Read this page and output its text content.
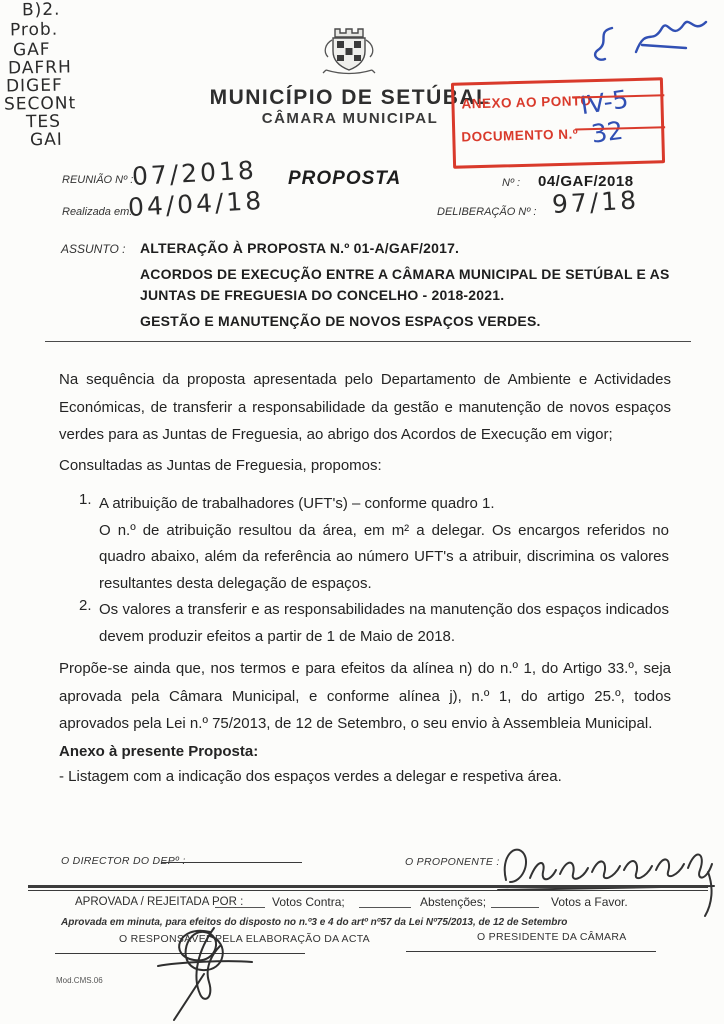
B)2.
Prob.
GAF
DAFRH
DIGEF
SECONt
TES
GAI
MUNICÍPIO DE SETÚBAL
CÂMARA MUNICIPAL
ANEXO AO PONTO
IV-5
DOCUMENTO N.º 32
REUNIÃO Nº :
07/2018
Realizada em:
04/04/18
PROPOSTA	Nº : 04/GAF/2018
DELIBERAÇÃO Nº : 97/18
ASSUNTO : ALTERAÇÃO À PROPOSTA N.º 01-A/GAF/2017.
ACORDOS DE EXECUÇÃO ENTRE A CÂMARA MUNICIPAL DE SETÚBAL E AS JUNTAS DE FREGUESIA DO CONCELHO - 2018-2021.
GESTÃO E MANUTENÇÃO DE NOVOS ESPAÇOS VERDES.
Na sequência da proposta apresentada pelo Departamento de Ambiente e Actividades Económicas, de transferir a responsabilidade da gestão e manutenção de novos espaços verdes para as Juntas de Freguesia, ao abrigo dos Acordos de Execução em vigor;
Consultadas as Juntas de Freguesia, propomos:
1. A atribuição de trabalhadores (UFT's) – conforme quadro 1.
O n.º de atribuição resultou da área, em m² a delegar. Os encargos referidos no quadro abaixo, além da referência ao número UFT's a atribuir, discrimina os valores resultantes desta delegação de espaços.
2. Os valores a transferir e as responsabilidades na manutenção dos espaços indicados devem produzir efeitos a partir de 1 de Maio de 2018.
Propõe-se ainda que, nos termos e para efeitos da alínea n) do n.º 1, do Artigo 33.º, seja aprovada pela Câmara Municipal, e conforme alínea j), n.º 1, do artigo 25.º, todos aprovados pela Lei n.º 75/2013, de 12 de Setembro, o seu envio à Assembleia Municipal.
Anexo à presente Proposta:
- Listagem com a indicação dos espaços verdes a delegar e respetiva área.
O DIRECTOR DO DEPº :	O PROPONENTE :
APROVADA / REJEITADA POR : Votos Contra;	Abstenções;	Votos a Favor.
Aprovada em minuta, para efeitos do disposto no n.º3 e 4 do artº nº57 da Lei Nº75/2013, de 12 de Setembro
O RESPONSÁVEL PELA ELABORAÇÃO DA ACTA	O PRESIDENTE DA CÂMARA
Mod.CMS.06
